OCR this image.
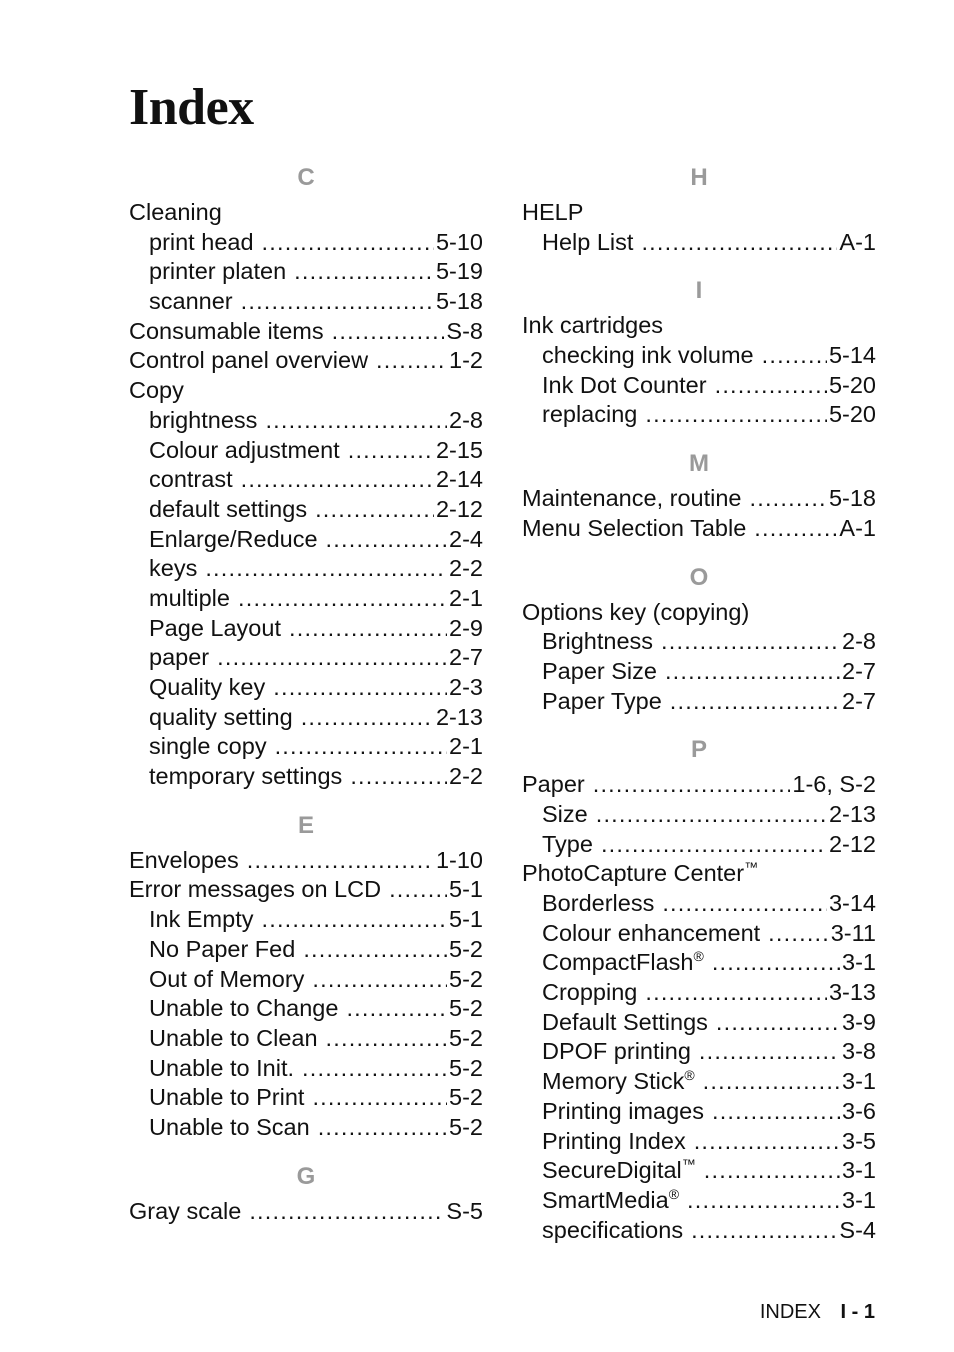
Index
C
Cleaning
print head .....	5-10
printer platen .....	5-19
scanner .....	5-18
Consumable items .....	S-8
Control panel overview .....	1-2
Copy
brightness .....	2-8
Colour adjustment .....	2-15
contrast .....	2-14
default settings .....	2-12
Enlarge/Reduce .....	2-4
keys .....	2-2
multiple .....	2-1
Page Layout .....	2-9
paper .....	2-7
Quality key .....	2-3
quality setting .....	2-13
single copy .....	2-1
temporary settings .....	2-2
E
Envelopes .....	1-10
Error messages on LCD .....	5-1
Ink Empty .....	5-1
No Paper Fed .....	5-2
Out of Memory .....	5-2
Unable to Change .....	5-2
Unable to Clean .....	5-2
Unable to Init. .....	5-2
Unable to Print .....	5-2
Unable to Scan .....	5-2
G
Gray scale .....	S-5
H
HELP
Help List .....	A-1
I
Ink cartridges
checking ink volume .....	5-14
Ink Dot Counter .....	5-20
replacing .....	5-20
M
Maintenance, routine .....	5-18
Menu Selection Table .....	A-1
O
Options key (copying)
Brightness .....	2-8
Paper Size .....	2-7
Paper Type .....	2-7
P
Paper .....	1-6, S-2
Size .....	2-13
Type .....	2-12
PhotoCapture Center™
Borderless .....	3-14
Colour enhancement .....	3-11
CompactFlash® .....	3-1
Cropping .....	3-13
Default Settings .....	3-9
DPOF printing .....	3-8
Memory Stick® .....	3-1
Printing images .....	3-6
Printing Index .....	3-5
SecureDigital™ .....	3-1
SmartMedia® .....	3-1
specifications .....	S-4
INDEX I - 1
